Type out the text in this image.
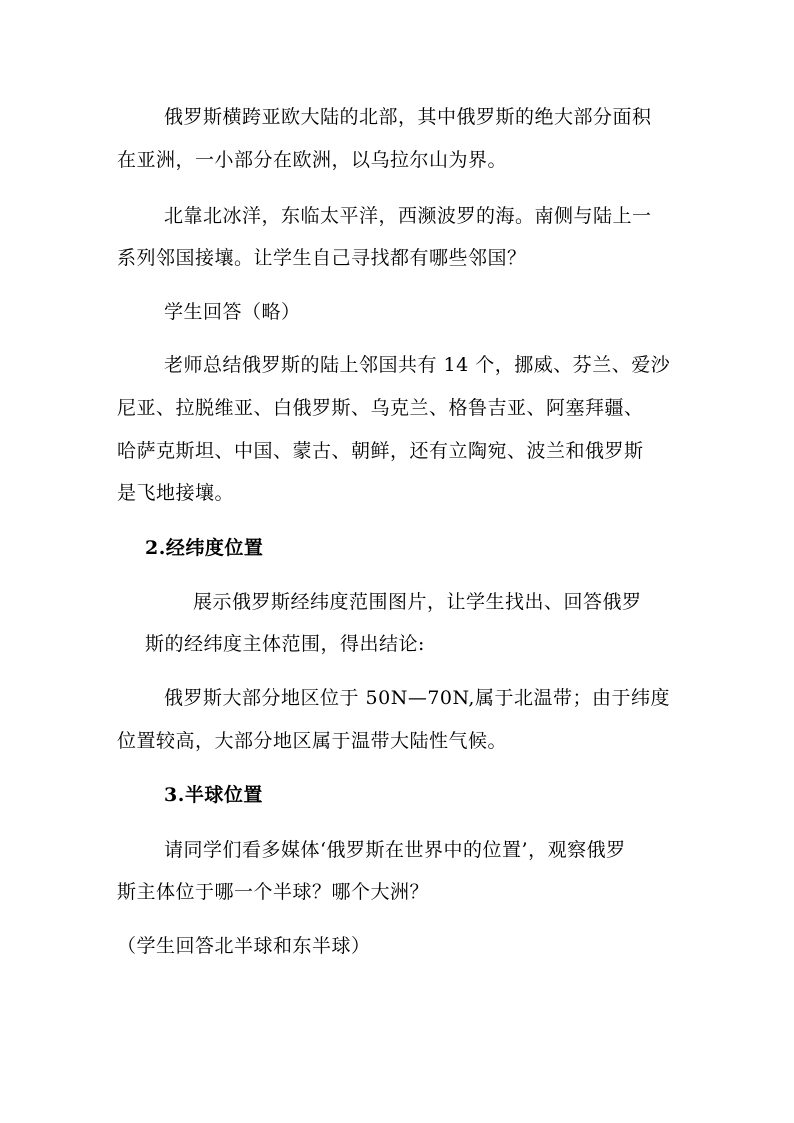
俄罗斯横跨亚欧大陆的北部，其中俄罗斯的绝大部分面积
在亚洲，一小部分在欧洲，以乌拉尔山为界。
北靠北冰洋，东临太平洋，西濒波罗的海。南侧与陆上一
系列邻国接壤。让学生自己寻找都有哪些邻国？
学生回答（略）
老师总结俄罗斯的陆上邻国共有 14 个，挪威、芬兰、爱沙
尼亚、拉脱维亚、白俄罗斯、乌克兰、格鲁吉亚、阿塞拜疆、
哈萨克斯坦、中国、蒙古、朝鲜，还有立陶宛、波兰和俄罗斯
是飞地接壤。
2.经纬度位置
展示俄罗斯经纬度范围图片，让学生找出、回答俄罗
斯的经纬度主体范围，得出结论:
俄罗斯大部分地区位于 50N—70N,属于北温带；由于纬度
位置较高，大部分地区属于温带大陆性气候。
3.半球位置
请同学们看多媒体‘俄罗斯在世界中的位置’，观察俄罗
斯主体位于哪一个半球？哪个大洲？
（学生回答北半球和东半球）
